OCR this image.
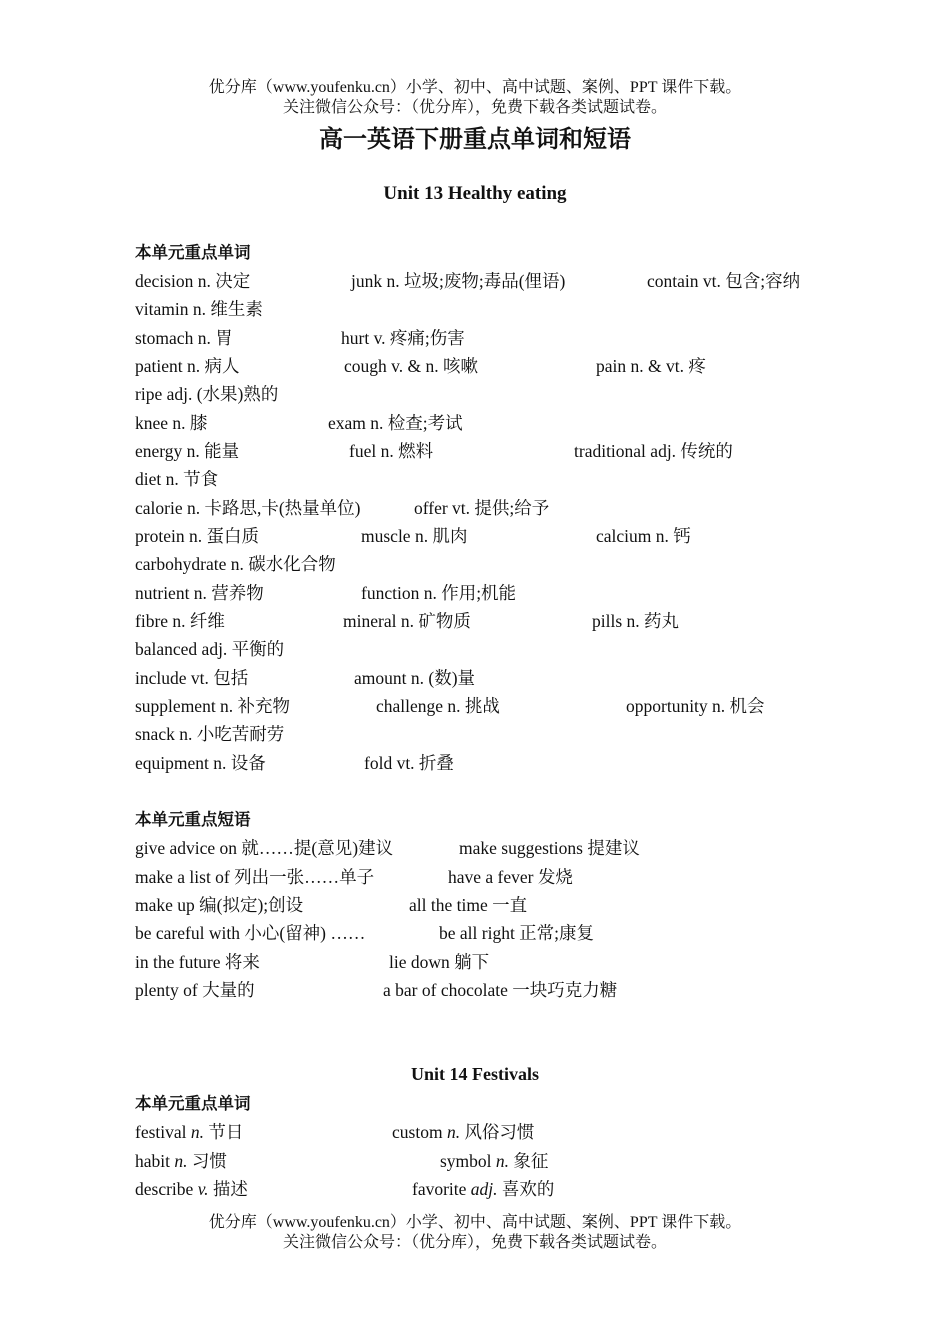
优分库（www.youfenku.cn）小学、初中、高中试题、案例、PPT 课件下载。
关注微信公众号：（优分库），免费下载各类试题试卷。
高一英语下册重点单词和短语
Unit 13 Healthy eating
本单元重点单词
decision n. 决定	junk n. 垃圾;废物;毒品(俚语)	contain vt. 包含;容纳
vitamin n. 维生素
stomach n. 胃	hurt v. 疼痛;伤害
patient n. 病人	cough v. & n. 咳嗽	pain n. & vt. 疼
ripe adj. (水果)熟的
knee n. 膝	exam n. 检查;考试
energy n. 能量	fuel n. 燃料	traditional adj. 传统的
diet n. 节食
calorie n. 卡路思,卡(热量单位)	offer vt. 提供;给予
protein n. 蛋白质	muscle n. 肌肉	calcium n. 钙
carbohydrate n. 碳水化合物
nutrient n. 营养物	function n. 作用;机能
fibre n. 纤维	mineral n. 矿物质	pills n. 药丸
balanced adj. 平衡的
include vt. 包括	amount n. (数)量
supplement n. 补充物	challenge n. 挑战	opportunity n. 机会
snack n. 小吃苦耐劳
equipment n. 设备	fold vt. 折叠
本单元重点短语
give advice on 就……提(意见)建议	make suggestions 提建议
make a list of 列出一张……单子	have a fever 发烧
make up 编(拟定);创设	all the time 一直
be careful with 小心(留神) ……	be all right 正常;康复
in the future 将来	lie down 躺下
plenty of 大量的	a bar of chocolate 一块巧克力糖
Unit 14 Festivals
本单元重点单词
festival n. 节日	custom n. 风俗习惯
habit n. 习惯	symbol n. 象征
describe v. 描述	favorite adj. 喜欢的
优分库（www.youfenku.cn）小学、初中、高中试题、案例、PPT 课件下载。
关注微信公众号：（优分库），免费下载各类试题试卷。
